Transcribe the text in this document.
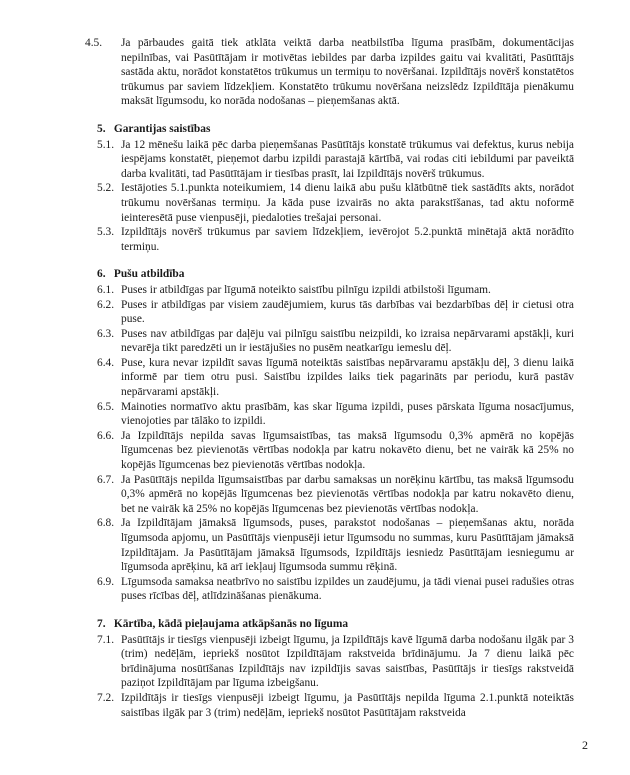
4.5.	Ja pārbaudes gaitā tiek atklāta veiktā darba neatbilstība līguma prasībām, dokumentācijas nepilnības, vai Pasūtītājam ir motivētas iebildes par darba izpildes gaitu vai kvalitāti, Pasūtītājs sastāda aktu, norādot konstatētos trūkumus un termiņu to novēršanai. Izpildītājs novērš konstatētos trūkumus par saviem līdzekļiem. Konstatēto trūkumu novēršana neizslēdz Izpildītāja pienākumu maksāt līgumsodu, ko norāda nodošanas – pieņemšanas aktā.
5. Garantijas saistības
5.1. Ja 12 mēnešu laikā pēc darba pieņemšanas Pasūtītājs konstatē trūkumus vai defektus, kurus nebija iespējams konstatēt, pieņemot darbu izpildi parastajā kārtībā, vai rodas citi iebildumi par paveiktā darba kvalitāti, tad Pasūtītājam ir tiesības prasīt, lai Izpildītājs novērš trūkumus.
5.2. Iestājoties 5.1.punkta noteikumiem, 14 dienu laikā abu pušu klātbūtnē tiek sastādīts akts, norādot trūkumu novēršanas termiņu. Ja kāda puse izvairās no akta parakstīšanas, tad aktu noformē ieinteresētā puse vienpusēji, piedaloties trešajai personai.
5.3. Izpildītājs novērš trūkumus par saviem līdzekļiem, ievērojot 5.2.punktā minētajā aktā norādīto termiņu.
6. Pušu atbildība
6.1. Puses ir atbildīgas par līgumā noteikto saistību pilnīgu izpildi atbilstoši līgumam.
6.2. Puses ir atbildīgas par visiem zaudējumiem, kurus tās darbības vai bezdarbības dēļ ir cietusi otra puse.
6.3. Puses nav atbildīgas par daļēju vai pilnīgu saistību neizpildi, ko izraisa nepārvarami apstākļi, kuri nevarēja tikt paredzēti un ir iestājušies no pusēm neatkarīgu iemeslu dēļ.
6.4. Puse, kura nevar izpildīt savas līgumā noteiktās saistības nepārvaramu apstākļu dēļ, 3 dienu laikā informē par tiem otru pusi. Saistību izpildes laiks tiek pagarināts par periodu, kurā pastāv nepārvarami apstākļi.
6.5. Mainoties normatīvo aktu prasībām, kas skar līguma izpildi, puses pārskata līguma nosacījumus, vienojoties par tālāko to izpildi.
6.6. Ja Izpildītājs nepilda savas līgumsaistības, tas maksā līgumsodu 0,3% apmērā no kopējās līgumcenas bez pievienotās vērtības nodokļa par katru nokavēto dienu, bet ne vairāk kā 25% no kopējās līgumcenas bez pievienotās vērtības nodokļa.
6.7. Ja Pasūtītājs nepilda līgumsaistības par darbu samaksas un norēķinu kārtību, tas maksā līgumsodu 0,3% apmērā no kopējās līgumcenas bez pievienotās vērtības nodokļa par katru nokavēto dienu, bet ne vairāk kā 25% no kopējās līgumcenas bez pievienotās vērtības nodokļa.
6.8. Ja Izpildītājam jāmaksā līgumsods, puses, parakstot nodošanas – pieņemšanas aktu, norāda līgumsoda apjomu, un Pasūtītājs vienpusēji ietur līgumsodu no summas, kuru Pasūtītājam jāmaksā Izpildītājam. Ja Pasūtītājam jāmaksā līgumsods, Izpildītājs iesniedz Pasūtītājam iesniegumu ar līgumsoda aprēķinu, kā arī iekļauj līgumsoda summu rēķinā.
6.9. Līgumsoda samaksa neatbrīvo no saistību izpildes un zaudējumu, ja tādi vienai pusei radušies otras puses rīcības dēļ, atlīdzināšanas pienākuma.
7. Kārtība, kādā pieļaujama atkāpšanās no līguma
7.1. Pasūtītājs ir tiesīgs vienpusēji izbeigt līgumu, ja Izpildītājs kavē līgumā darba nodošanu ilgāk par 3 (trim) nedēļām, iepriekš nosūtot Izpildītājam rakstveida brīdinājumu. Ja 7 dienu laikā pēc brīdinājuma nosūtīšanas Izpildītājs nav izpildījis savas saistības, Pasūtītājs ir tiesīgs rakstveidā paziņot Izpildītājam par līguma izbeigšanu.
7.2. Izpildītājs ir tiesīgs vienpusēji izbeigt līgumu, ja Pasūtītājs nepilda līguma 2.1.punktā noteiktās saistības ilgāk par 3 (trim) nedēļām, iepriekš nosūtot Pasūtītājam rakstveida
2
